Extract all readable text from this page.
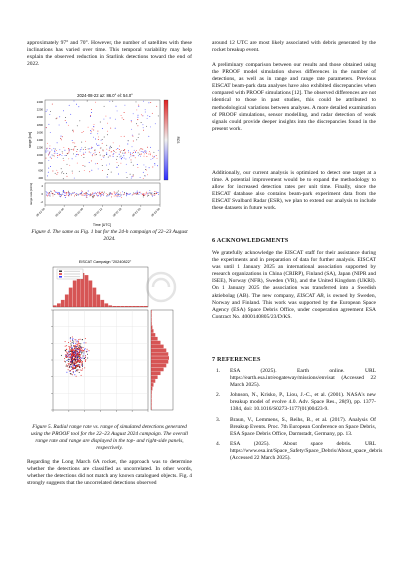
approximately 97° and 70°. However, the number of satellites with these inclinations has varied over time. This temporal variability may help explain the observed reduction in Starlink detections toward the end of 2022.

2024-08-22 az: 86.0° el: 54.0°
2400
2200
2000
1800
1600
1400
1200
1000
800
600
400
range [km]	RCS
2
0
-2
range rate [km/s]
08-22 00	08-22 04	08-22 08	08-22 12	08-22 16	08-22 20	08-23 00
Time [UTC]

Figure 4. The same as Fig. 1 but for the 24-h campaign of 22–23 August 2024.

EISCAT Campaign "20240822"

Figure 5. Radial range rate vs. range of simulated detections generated using the PROOF tool for the 22–23 August 2024 campaign. The overall range rate and range are displayed in the top- and right-side panels, respectively.

Regarding the Long March 6A rocket, the approach was to determine whether the detections are classified as uncorrelated. In other words, whether the detections did not match any known catalogued objects. Fig. 4 strongly suggests that the uncorrelated detections observed

around 12 UTC are most likely associated with debris generated by the rocket breakup event.

A preliminary comparison between our results and those obtained using the PROOF model simulation shows differences in the number of detections, as well as in range and range rate parameters. Previous EISCAT beam-park data analyses have also exhibited discrepancies when compared with PROOF simulations [12]. The observed differences are not identical to those in past studies, this could be attributed to methodological variations between analyses. A more detailed examination of PROOF simulations, sensor modelling, and radar detection of weak signals could provide deeper insights into the discrepancies found in the present work.

Additionally, our current analysis is optimized to detect one target at a time. A potential improvement would be to expand the methodology to allow for increased detection rates per unit time. Finally, since the EISCAT database also contains beam-park experiment data from the EISCAT Svalbard Radar (ESR), we plan to extend our analysis to include these datasets in future work.

6 ACKNOWLEDGMENTS

We gratefully acknowledge the EISCAT staff for their assistance during the experiments and in preparation of data for further analysis. EISCAT was until 1 January 2025 an international association supported by research organizations in China (CRIRP), Finland (SA), Japan (NIPR and ISEE), Norway (NFR), Sweden (VR), and the United Kingdom (UKRI). On 1 January 2025 the association was transferred into a Swedish aktiebolag (AB). The new company, EISCAT AB, is owned by Sweden, Norway and Finland. This work was supported by the European Space Agency (ESA) Space Debris Office, under cooperation agreement ESA Contract No. 4000140805/23/D/KS.

7 REFERENCES

1. ESA (2025). Earth online. URL https://earth.esa.int/eogateway/missions/envisat (Accessed 22 March 2025).
2. Johnson, N., Krisko, P., Liou, J.-C., et al. (2001). NASA's new breakup model of evolve 4.0. Adv. Space Res., 28(9), pp. 1377-1384, doi: 10.1016/S0273-1177(01)00423-9.
3. Braun, V., Lemmens, S., Reihs, B., et al. (2017). Analysis Of Breakup Events. Proc. 7th European Conference on Space Debris, ESA Space Debris Office, Darmstadt, Germany, pp. 13.
4. ESA (2025). About space debris. URL https://www.esa.int/Space_Safety/Space_Debris/About_space_debris (Accessed 22 March 2025).
